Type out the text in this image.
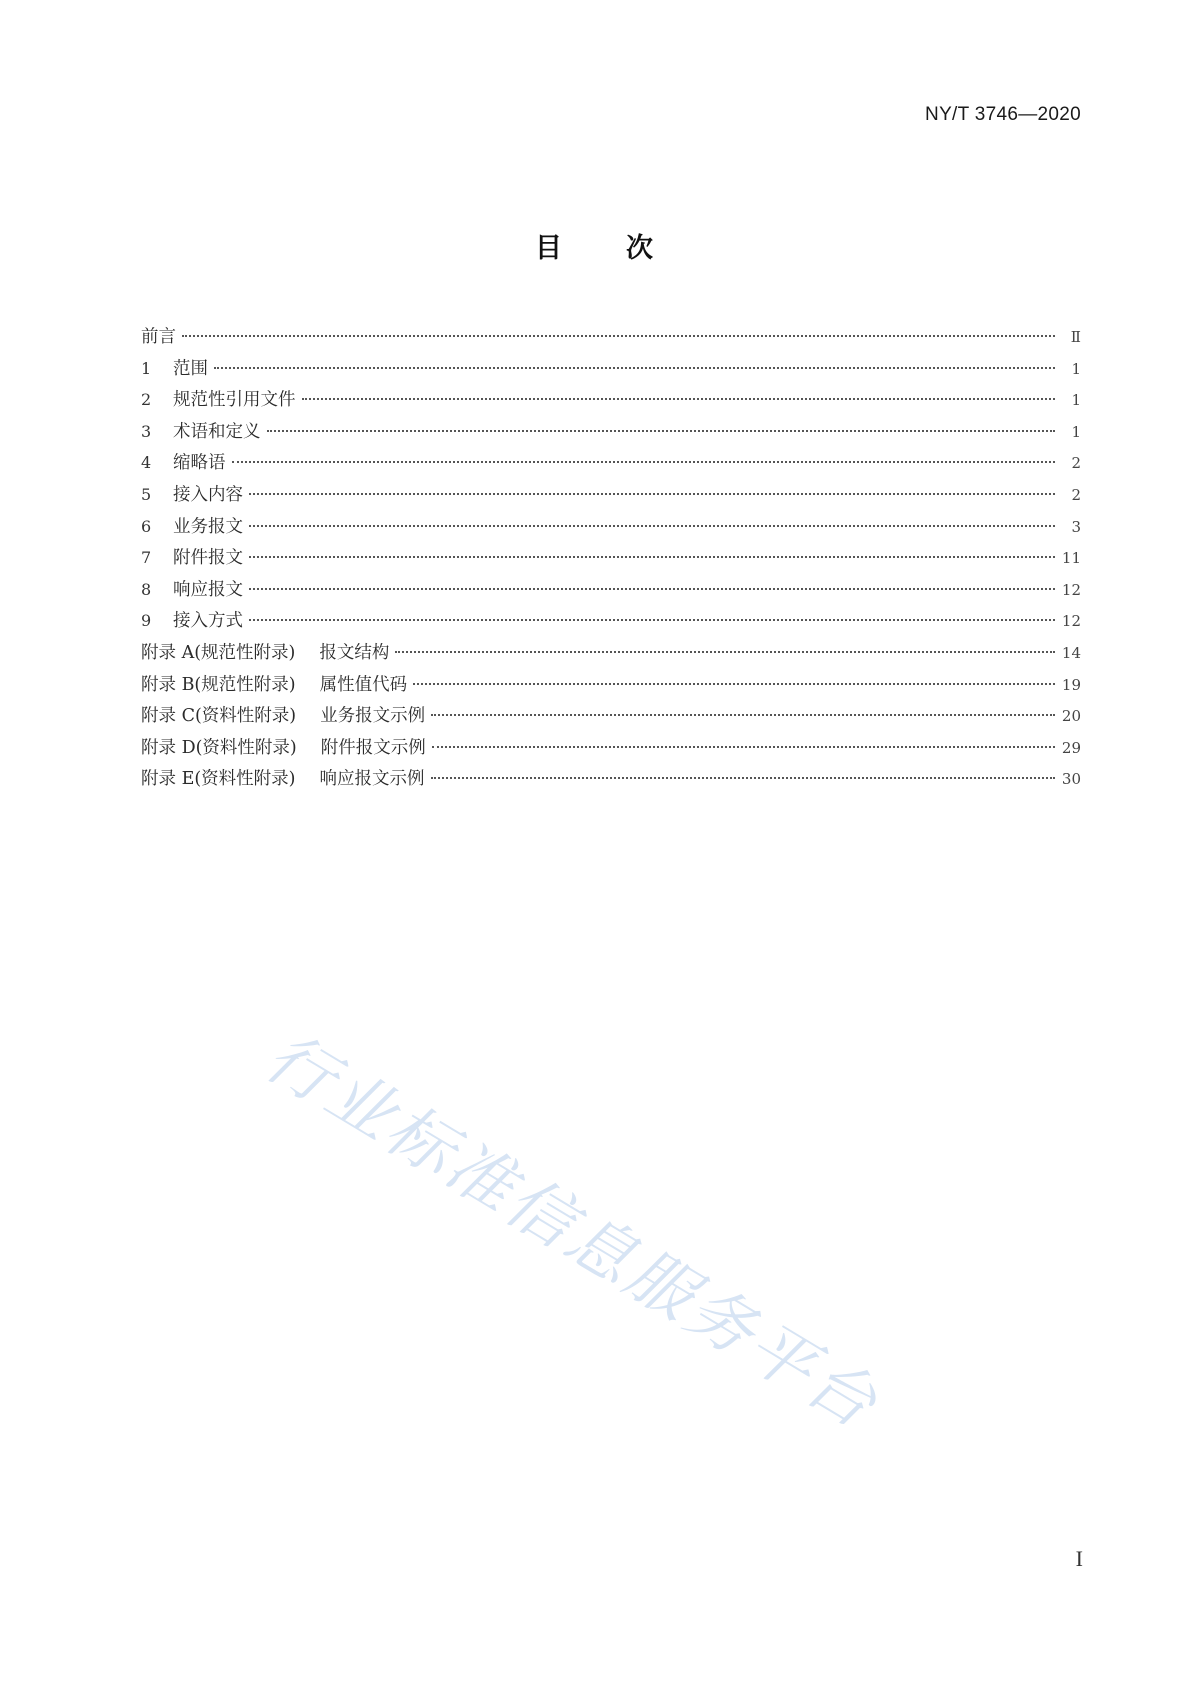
NY/T 3746—2020
目 次
前言	Ⅱ
1	范围	1
2	规范性引用文件	1
3	术语和定义	1
4	缩略语	2
5	接入内容	2
6	业务报文	3
7	附件报文	11
8	响应报文	12
9	接入方式	12
附录 A(规范性附录) 报文结构	14
附录 B(规范性附录) 属性值代码	19
附录 C(资料性附录) 业务报文示例	20
附录 D(资料性附录) 附件报文示例	29
附录 E(资料性附录) 响应报文示例	30
行业标准信息服务平台
I
